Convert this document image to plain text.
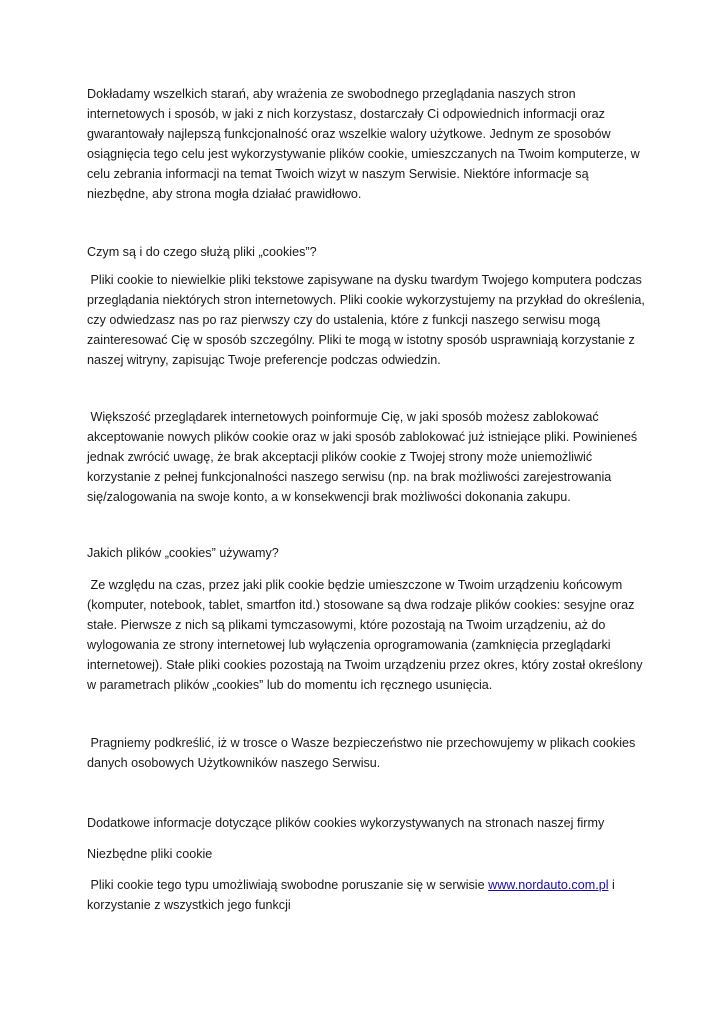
Dokładamy wszelkich starań, aby wrażenia ze swobodnego przeglądania naszych stron internetowych i sposób, w jaki z nich korzystasz, dostarczały Ci odpowiednich informacji oraz gwarantowały najlepszą funkcjonalność oraz wszelkie walory użytkowe. Jednym ze sposobów osiągnięcia tego celu jest wykorzystywanie plików cookie, umieszczanych na Twoim komputerze, w celu zebrania informacji na temat Twoich wizyt w naszym Serwisie. Niektóre informacje są niezbędne, aby strona mogła działać prawidłowo.

Czym są i do czego służą pliki „cookies”?

Pliki cookie to niewielkie pliki tekstowe zapisywane na dysku twardym Twojego komputera podczas przeglądania niektórych stron internetowych. Pliki cookie wykorzystujemy na przykład do określenia, czy odwiedzasz nas po raz pierwszy czy do ustalenia, które z funkcji naszego serwisu mogą zainteresować Cię w sposób szczególny. Pliki te mogą w istotny sposób usprawniają korzystanie z naszej witryny, zapisując Twoje preferencje podczas odwiedzin.

Większość przeglądarek internetowych poinformuje Cię, w jaki sposób możesz zablokować akceptowanie nowych plików cookie oraz w jaki sposób zablokować już istniejące pliki. Powinieneś jednak zwrócić uwagę, że brak akceptacji plików cookie z Twojej strony może uniemożliwić korzystanie z pełnej funkcjonalności naszego serwisu (np. na brak możliwości zarejestrowania się/zalogowania na swoje konto, a w konsekwencji brak możliwości dokonania zakupu.

Jakich plików „cookies” używamy?

Ze względu na czas, przez jaki plik cookie będzie umieszczone w Twoim urządzeniu końcowym (komputer, notebook, tablet, smartfon itd.) stosowane są dwa rodzaje plików cookies: sesyjne oraz stałe. Pierwsze z nich są plikami tymczasowymi, które pozostają na Twoim urządzeniu, aż do wylogowania ze strony internetowej lub wyłączenia oprogramowania (zamknięcia przeglądarki internetowej). Stałe pliki cookies pozostają na Twoim urządzeniu przez okres, który został określony w parametrach plików „cookies” lub do momentu ich ręcznego usunięcia.

Pragniemy podkreślić, iż w trosce o Wasze bezpieczeństwo nie przechowujemy w plikach cookies danych osobowych Użytkowników naszego Serwisu.

Dodatkowe informacje dotyczące plików cookies wykorzystywanych na stronach naszej firmy

Niezbędne pliki cookie

Pliki cookie tego typu umożliwiają swobodne poruszanie się w serwisie www.nordauto.com.pl i korzystanie z wszystkich jego funkcji
